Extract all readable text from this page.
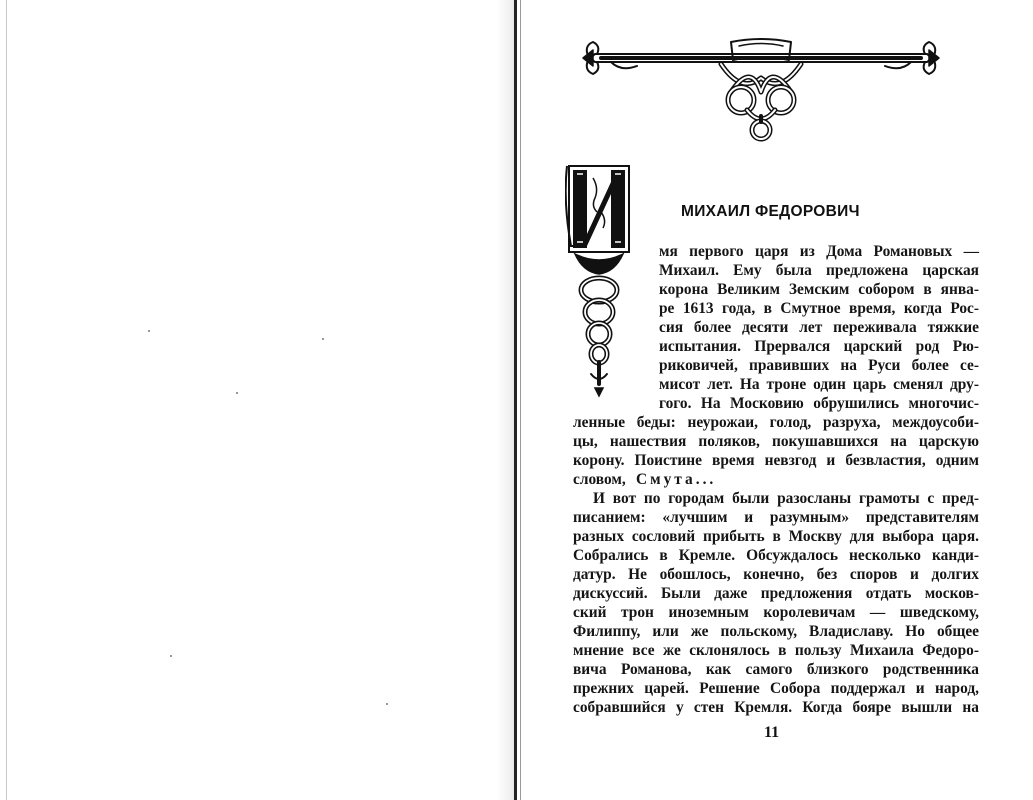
МИХАИЛ ФЕДОРОВИЧ
мя первого царя из Дома Романовых —
Михаил. Ему была предложена царская
корона Великим Земским собором в янва-
ре 1613 года, в Смутное время, когда Рос-
сия более десяти лет переживала тяжкие
испытания. Прервался царский род Рю-
риковичей, правивших на Руси более се-
мисот лет. На троне один царь сменял дру-
гого. На Московию обрушились многочис-
ленные беды: неурожаи, голод, разруха, междоусоби-
цы, нашествия поляков, покушавшихся на царскую
корону. Поистине время невзгод и безвластия, одним
словом, Смута...
И вот по городам были разосланы грамоты с пред-
писанием: «лучшим и разумным» представителям
разных сословий прибыть в Москву для выбора царя.
Собрались в Кремле. Обсуждалось несколько канди-
датур. Не обошлось, конечно, без споров и долгих
дискуссий. Были даже предложения отдать москов-
ский трон иноземным королевичам — шведскому,
Филиппу, или же польскому, Владиславу. Но общее
мнение все же склонялось в пользу Михаила Федоро-
вича Романова, как самого близкого родственника
прежних царей. Решение Собора поддержал и народ,
собравшийся у стен Кремля. Когда бояре вышли на
11
